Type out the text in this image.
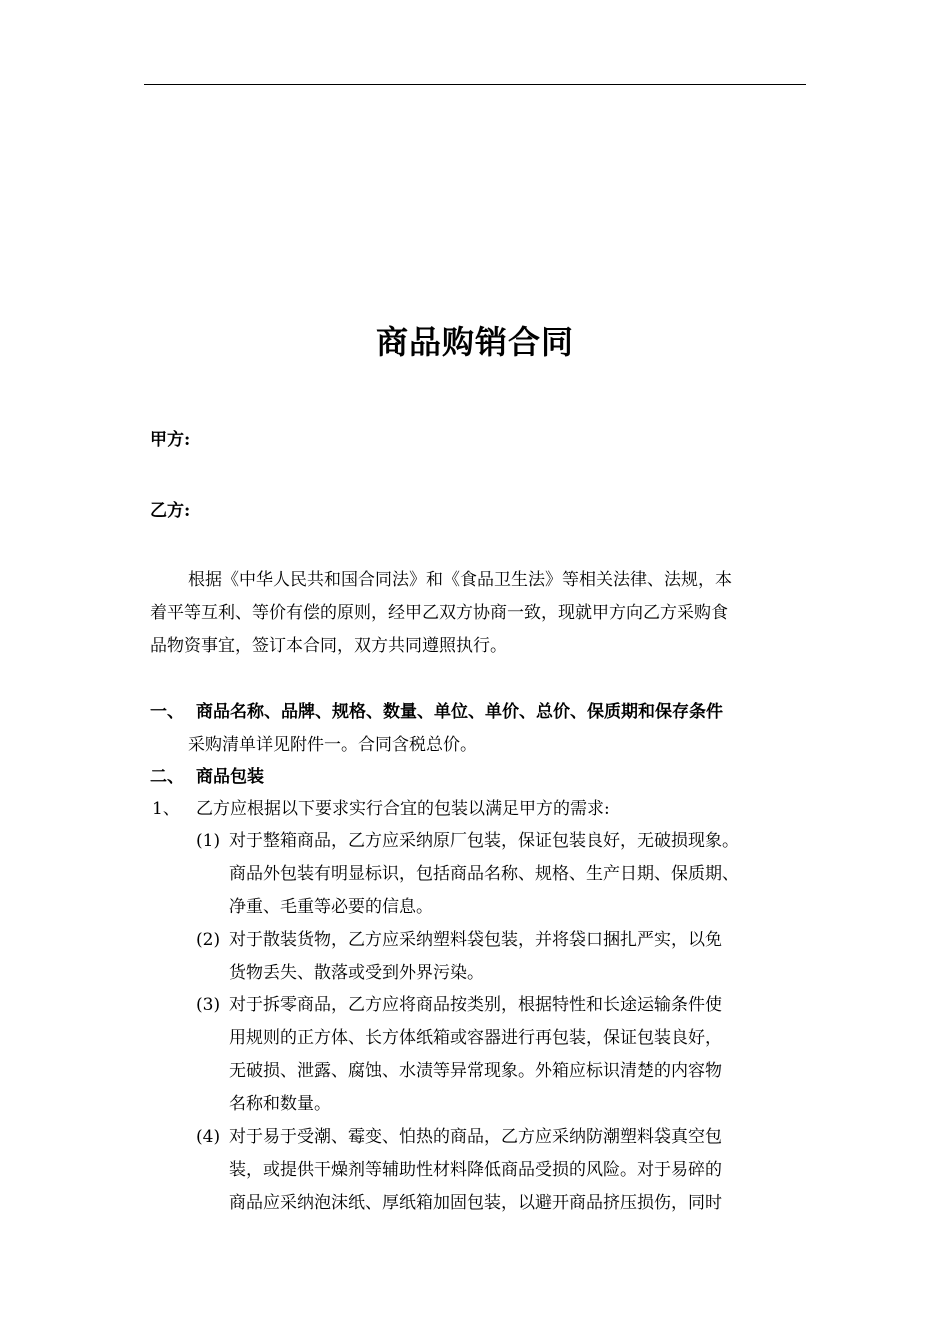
商品购销合同
甲方:
乙方:
根据《中华人民共和国合同法》和《食品卫生法》等相关法律、法规，本
着平等互利、等价有偿的原则，经甲乙双方协商一致，现就甲方向乙方采购食
品物资事宜，签订本合同，双方共同遵照执行。
一、 商品名称、品牌、规格、数量、单位、单价、总价、保质期和保存条件
采购清单详见附件一。合同含税总价。
二、 商品包装
1、 乙方应根据以下要求实行合宜的包装以满足甲方的需求:
(1) 对于整箱商品，乙方应采纳原厂包装，保证包装良好，无破损现象。
商品外包装有明显标识，包括商品名称、规格、生产日期、保质期、
净重、毛重等必要的信息。
(2) 对于散装货物，乙方应采纳塑料袋包装，并将袋口捆扎严实，以免
货物丢失、散落或受到外界污染。
(3) 对于拆零商品，乙方应将商品按类别，根据特性和长途运输条件使
用规则的正方体、长方体纸箱或容器进行再包装，保证包装良好，
无破损、泄露、腐蚀、水渍等异常现象。外箱应标识清楚的内容物
名称和数量。
(4) 对于易于受潮、霉变、怕热的商品，乙方应采纳防潮塑料袋真空包
装，或提供干燥剂等辅助性材料降低商品受损的风险。对于易碎的
商品应采纳泡沫纸、厚纸箱加固包装，以避开商品挤压损伤，同时
